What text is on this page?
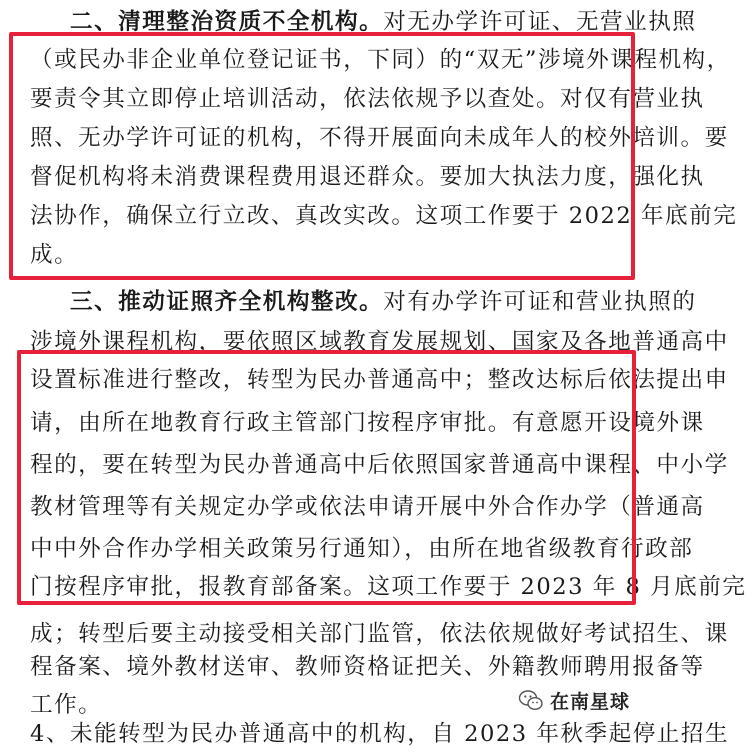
二、清理整治资质不全机构。对无办学许可证、无营业执照
（或民办非企业单位登记证书，下同）的“双无”涉境外课程机构，
要责令其立即停止培训活动，依法依规予以查处。对仅有营业执
照、无办学许可证的机构，不得开展面向未成年人的校外培训。要
督促机构将未消费课程费用退还群众。要加大执法力度，强化执
法协作，确保立行立改、真改实改。这项工作要于 2022 年底前完
成。
三、推动证照齐全机构整改。对有办学许可证和营业执照的
涉境外课程机构，要依照区域教育发展规划、国家及各地普通高中
设置标准进行整改，转型为民办普通高中；整改达标后依法提出申
请，由所在地教育行政主管部门按程序审批。有意愿开设境外课
程的，要在转型为民办普通高中后依照国家普通高中课程、中小学
教材管理等有关规定办学或依法申请开展中外合作办学（普通高
中中外合作办学相关政策另行通知），由所在地省级教育行政部
门按程序审批，报教育部备案。这项工作要于 2023 年 8 月底前完
成；转型后要主动接受相关部门监管，依法依规做好考试招生、课
程备案、境外教材送审、教师资格证把关、外籍教师聘用报备等
工作。
4、未能转型为民办普通高中的机构，自 2023 年秋季起停止招生
在南星球
